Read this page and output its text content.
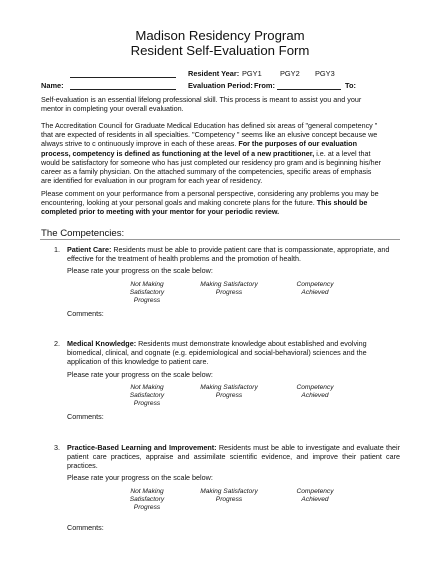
Madison Residency Program
Resident Self-Evaluation Form
Resident Year: PGY1 PGY2 PGY3
Name:	Evaluation Period: From:	To:
Self-evaluation is an essential lifelong professional skill. This process is meant to assist you and your mentor in completing your overall evaluation.
The Accreditation Council for Graduate Medical Education has defined six areas of "general competency " that are expected of residents in all specialties. "Competency " seems like an elusive concept because we always strive to c ontinuously improve in each of these areas. For the purposes of our evaluation process, competency is defined as functioning at the level of a new practitioner, i.e. at a level that would be satisfactory for someone who has just completed our residency pro gram and is beginning his/her career as a family physician. On the attached summary of the competencies, specific areas of emphasis are identified for evaluation in our program for each year of residency.
Please comment on your performance from a personal perspective, considering any problems you may be encountering, looking at your personal goals and making concrete plans for the future. This should be completed prior to meeting with your mentor for your periodic review.
The Competencies:
1. Patient Care: Residents must be able to provide patient care that is compassionate, appropriate, and effective for the treatment of health problems and the promotion of health.
Please rate your progress on the scale below:
Not Making Satisfactory Progress
Making Satisfactory Progress
Competency Achieved
Comments:
2. Medical Knowledge: Residents must demonstrate knowledge about established and evolving biomedical, clinical, and cognate (e.g. epidemiological and social-behavioral) sciences and the application of this knowledge to patient care.
Please rate your progress on the scale below:
Not Making Satisfactory Progress
Making Satisfactory Progress
Competency Achieved
Comments:
3. Practice-Based Learning and Improvement: Residents must be able to investigate and evaluate their patient care practices, appraise and assimilate scientific evidence, and improve their patient care practices.
Please rate your progress on the scale below:
Not Making Satisfactory Progress
Making Satisfactory Progress
Competency Achieved
Comments:
